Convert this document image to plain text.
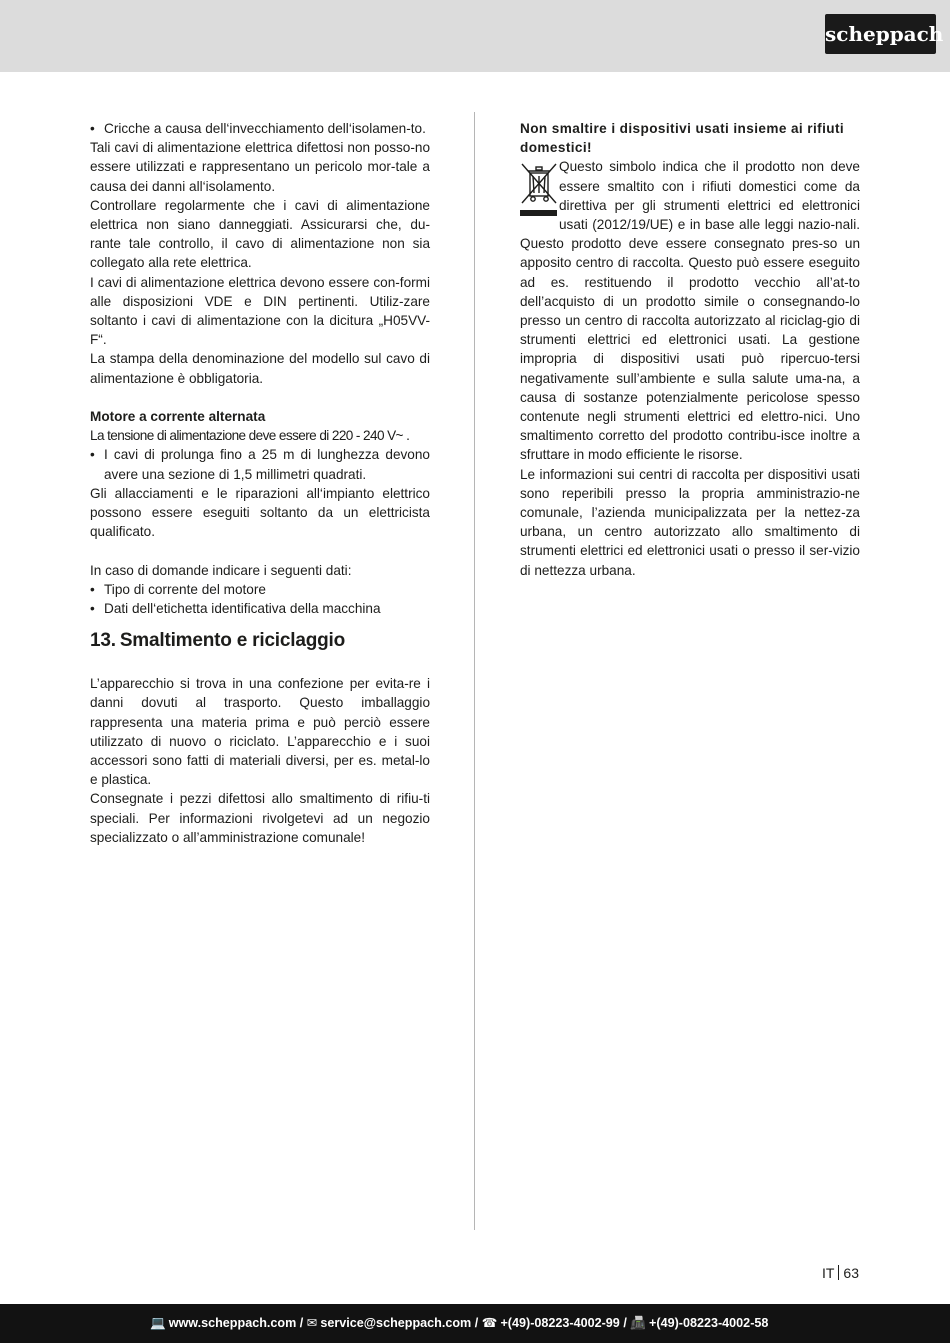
scheppach
• Cricche a causa dell‘invecchiamento dell‘isolamen-to.

Tali cavi di alimentazione elettrica difettosi non posso-no essere utilizzati e rappresentano un pericolo mor-tale a causa dei danni all‘isolamento.

Controllare regolarmente che i cavi di alimentazione elettrica non siano danneggiati. Assicurarsi che, du-rante tale controllo, il cavo di alimentazione non sia collegato alla rete elettrica.

I cavi di alimentazione elettrica devono essere con-formi alle disposizioni VDE e DIN pertinenti. Utiliz-zare soltanto i cavi di alimentazione con la dicitura „H05VV-F“.

La stampa della denominazione del modello sul cavo di alimentazione è obbligatoria.

Motore a corrente alternata

La tensione di alimentazione deve essere di 220 - 240 V~ .

• I cavi di prolunga fino a 25 m di lunghezza devono avere una sezione di 1,5 millimetri quadrati.

Gli allacciamenti e le riparazioni all‘impianto elettrico possono essere eseguiti soltanto da un elettricista qualificato.

In caso di domande indicare i seguenti dati:

• Tipo di corrente del motore
• Dati dell‘etichetta identificativa della macchina
13. Smaltimento e riciclaggio

L’apparecchio si trova in una confezione per evita-re i danni dovuti al trasporto. Questo imballaggio rappresenta una materia prima e può perciò essere utilizzato di nuovo o riciclato. L’apparecchio e i suoi accessori sono fatti di materiali diversi, per es. metal-lo e plastica.

Consegnate i pezzi difettosi allo smaltimento di rifiu-ti speciali. Per informazioni rivolgetevi ad un negozio specializzato o all’amministrazione comunale!

Non smaltire i dispositivi usati insieme ai rifiuti domestici!

Questo simbolo indica che il prodotto non deve essere smaltito con i rifiuti domestici come da direttiva per gli strumenti elettrici ed elettronici usati (2012/19/UE) e in base alle leggi nazio-nali. Questo prodotto deve essere consegnato pres-so un apposito centro di raccolta. Questo può essere eseguito ad es. restituendo il prodotto vecchio all’at-to dell’acquisto di un prodotto simile o consegnando-lo presso un centro di raccolta autorizzato al riciclag-gio di strumenti elettrici ed elettronici usati. La gestione impropria di dispositivi usati può ripercuo-tersi negativamente sull’ambiente e sulla salute uma-na, a causa di sostanze potenzialmente pericolose spesso contenute negli strumenti elettrici ed elettro-nici. Uno smaltimento corretto del prodotto contribu-isce inoltre a sfruttare in modo efficiente le risorse.

Le informazioni sui centri di raccolta per dispositivi usati sono reperibili presso la propria amministrazio-ne comunale, l’azienda municipalizzata per la nettez-za urbana, un centro autorizzato allo smaltimento di strumenti elettrici ed elettronici usati o presso il ser-vizio di nettezza urbana.

IT 63
💻 www.scheppach.com / ✉ service@scheppach.com / ☎ +(49)-08223-4002-99 / 📠 +(49)-08223-4002-58
